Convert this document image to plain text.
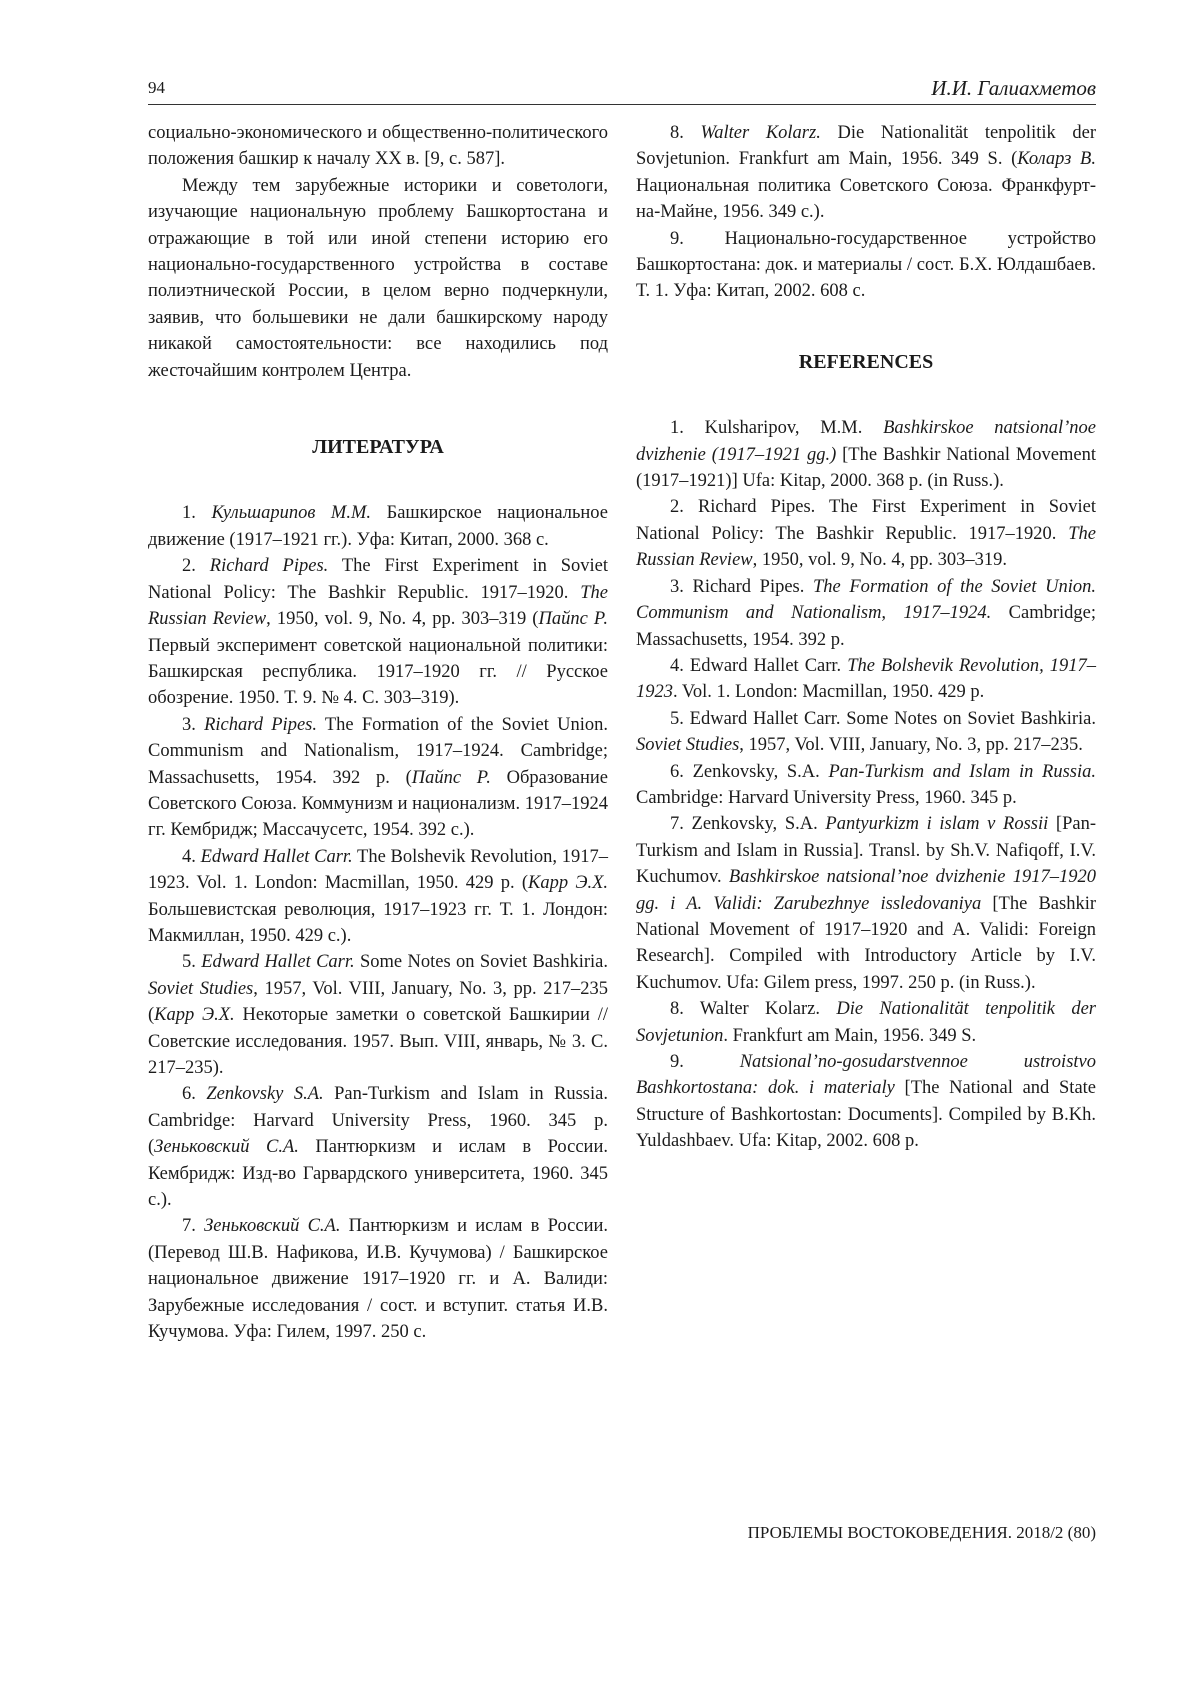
94	И.И. Галиахметов

социально-экономического и общественно-политического положения башкир к началу XX в. [9, с. 587].

Между тем зарубежные историки и советологи, изучающие национальную проблему Башкортостана и отражающие в той или иной степени историю его национально-государственного устройства в составе полиэтнической России, в целом верно подчеркнули, заявив, что большевики не дали башкирскому народу никакой самостоятельности: все находились под жесточайшим контролем Центра.

ЛИТЕРАТУРА

1. Кульшарипов М.М. Башкирское национальное движение (1917–1921 гг.). Уфа: Китап, 2000. 368 с.

2. Richard Pipes. The First Experiment in Soviet National Policy: The Bashkir Republic. 1917–1920. The Russian Review, 1950, vol. 9, No. 4, pp. 303–319 (Пайпс Р. Первый эксперимент советской национальной политики: Башкирская республика. 1917–1920 гг. // Русское обозрение. 1950. Т. 9. № 4. С. 303–319).

3. Richard Pipes. The Formation of the Soviet Union. Communism and Nationalism, 1917–1924. Cambridge; Massachusetts, 1954. 392 p. (Пайпс Р. Образование Советского Союза. Коммунизм и национализм. 1917–1924 гг. Кембридж; Массачусетс, 1954. 392 с.).

4. Edward Hallet Carr. The Bolshevik Revolution, 1917–1923. Vol. 1. London: Macmillan, 1950. 429 p. (Карр Э.Х. Большевистская революция, 1917–1923 гг. Т. 1. Лондон: Макмиллан, 1950. 429 с.).

5. Edward Hallet Carr. Some Notes on Soviet Bashkiria. Soviet Studies, 1957, Vol. VIII, January, No. 3, pp. 217–235 (Карр Э.Х. Некоторые заметки о советской Башкирии // Советские исследования. 1957. Вып. VIII, январь, № 3. С. 217–235).

6. Zenkovsky S.A. Pan-Turkism and Islam in Russia. Cambridge: Harvard University Press, 1960. 345 p. (Зеньковский С.А. Пантюркизм и ислам в России. Кембридж: Изд-во Гарвардского университета, 1960. 345 с.).

7. Зеньковский С.А. Пантюркизм и ислам в России. (Перевод Ш.В. Нафикова, И.В. Кучумова) / Башкирское национальное движение 1917–1920 гг. и А. Валиди: Зарубежные исследования / сост. и вступит. статья И.В. Кучумова. Уфа: Гилем, 1997. 250 с.

8. Walter Kolarz. Die Nationalität tenpolitik der Sovjetunion. Frankfurt am Main, 1956. 349 S. (Коларз В. Национальная политика Советского Союза. Франкфурт-на-Майне, 1956. 349 с.).

9. Национально-государственное устройство Башкортостана: док. и материалы / сост. Б.Х. Юлдашбаев. Т. 1. Уфа: Китап, 2002. 608 с.

REFERENCES

1. Kulsharipov, M.M. Bashkirskoe natsional’noe dvizhenie (1917–1921 gg.) [The Bashkir National Movement (1917–1921)] Ufa: Kitap, 2000. 368 p. (in Russ.).

2. Richard Pipes. The First Experiment in Soviet National Policy: The Bashkir Republic. 1917–1920. The Russian Review, 1950, vol. 9, No. 4, pp. 303–319.

3. Richard Pipes. The Formation of the Soviet Union. Communism and Nationalism, 1917–1924. Cambridge; Massachusetts, 1954. 392 p.

4. Edward Hallet Carr. The Bolshevik Revolution, 1917–1923. Vol. 1. London: Macmillan, 1950. 429 p.

5. Edward Hallet Carr. Some Notes on Soviet Bashkiria. Soviet Studies, 1957, Vol. VIII, January, No. 3, pp. 217–235.

6. Zenkovsky, S.A. Pan-Turkism and Islam in Russia. Cambridge: Harvard University Press, 1960. 345 p.

7. Zenkovsky, S.A. Pantyurkizm i islam v Rossii [Pan-Turkism and Islam in Russia]. Transl. by Sh.V. Nafiqoff, I.V. Kuchumov. Bashkirskoe natsional’noe dvizhenie 1917–1920 gg. i A. Validi: Zarubezhnye issledovaniya [The Bashkir National Movement of 1917–1920 and A. Validi: Foreign Research]. Compiled with Introductory Article by I.V. Kuchumov. Ufa: Gilem press, 1997. 250 p. (in Russ.).

8. Walter Kolarz. Die Nationalität tenpolitik der Sovjetunion. Frankfurt am Main, 1956. 349 S.

9. Natsional’no-gosudarstvennoe ustroistvo Bashkortostana: dok. i materialy [The National and State Structure of Bashkortostan: Documents]. Compiled by B.Kh. Yuldashbaev. Ufa: Kitap, 2002. 608 p.

ПРОБЛЕМЫ ВОСТОКОВЕДЕНИЯ. 2018/2 (80)
